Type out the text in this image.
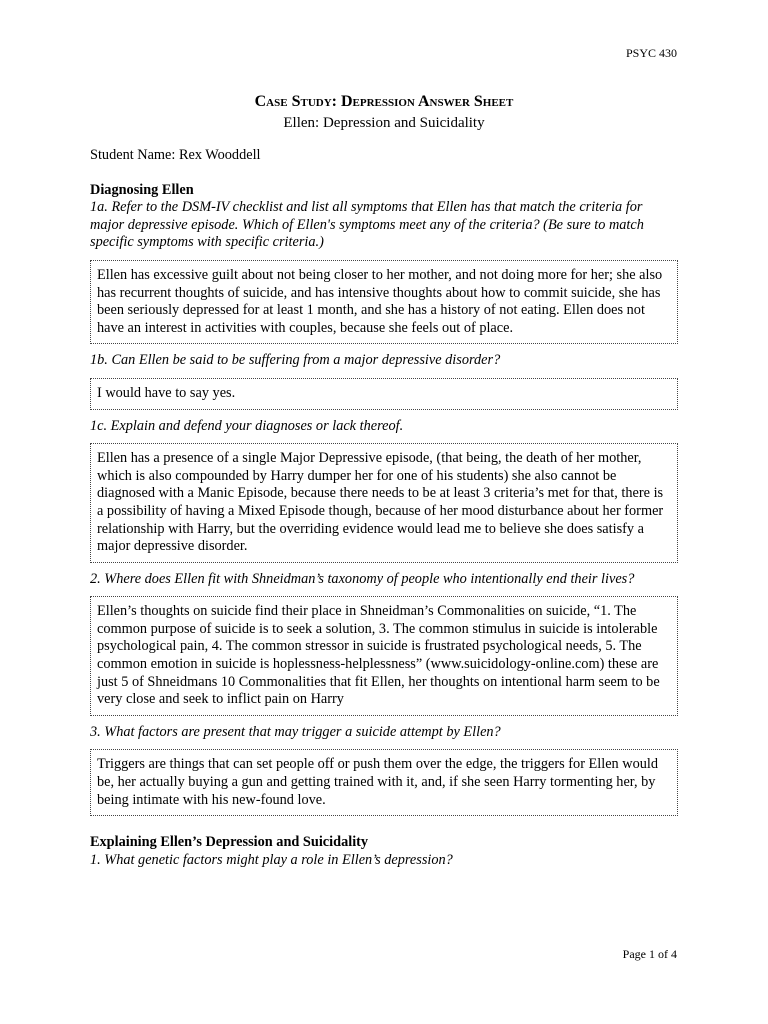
PSYC 430
Case Study: Depression Answer Sheet
Ellen: Depression and Suicidality

Student Name: Rex Wooddell

Diagnosing Ellen

1a. Refer to the DSM-IV checklist and list all symptoms that Ellen has that match the criteria for major depressive episode. Which of Ellen's symptoms meet any of the criteria? (Be sure to match specific symptoms with specific criteria.)

Ellen has excessive guilt about not being closer to her mother, and not doing more for her; she also has recurrent thoughts of suicide, and has intensive thoughts about how to commit suicide, she has been seriously depressed for at least 1 month, and she has a history of not eating. Ellen does not have an interest in activities with couples, because she feels out of place.

1b. Can Ellen be said to be suffering from a major depressive disorder?

I would have to say yes.

1c. Explain and defend your diagnoses or lack thereof.

Ellen has a presence of a single Major Depressive episode, (that being, the death of her mother, which is also compounded by Harry dumper her for one of his students) she also cannot be diagnosed with a Manic Episode, because there needs to be at least 3 criteria’s met for that, there is a possibility of having a Mixed Episode though, because of her mood disturbance about her former relationship with Harry, but the overriding evidence would lead me to believe she does satisfy a major depressive disorder.

2. Where does Ellen fit with Shneidman’s taxonomy of people who intentionally end their lives?

Ellen’s thoughts on suicide find their place in Shneidman’s Commonalities on suicide, “1. The common purpose of suicide is to seek a solution, 3. The common stimulus in suicide is intolerable psychological pain, 4. The common stressor in suicide is frustrated psychological needs, 5. The common emotion in suicide is hoplessness-helplessness” (www.suicidology-online.com) these are just 5 of Shneidmans 10 Commonalities that fit Ellen, her thoughts on intentional harm seem to be very close and seek to inflict pain on Harry

3. What factors are present that may trigger a suicide attempt by Ellen?

Triggers are things that can set people off or push them over the edge, the triggers for Ellen would be, her actually buying a gun and getting trained with it, and, if she seen Harry tormenting her, by being intimate with his new-found love.

Explaining Ellen’s Depression and Suicidality

1. What genetic factors might play a role in Ellen’s depression?

Page 1 of 4
